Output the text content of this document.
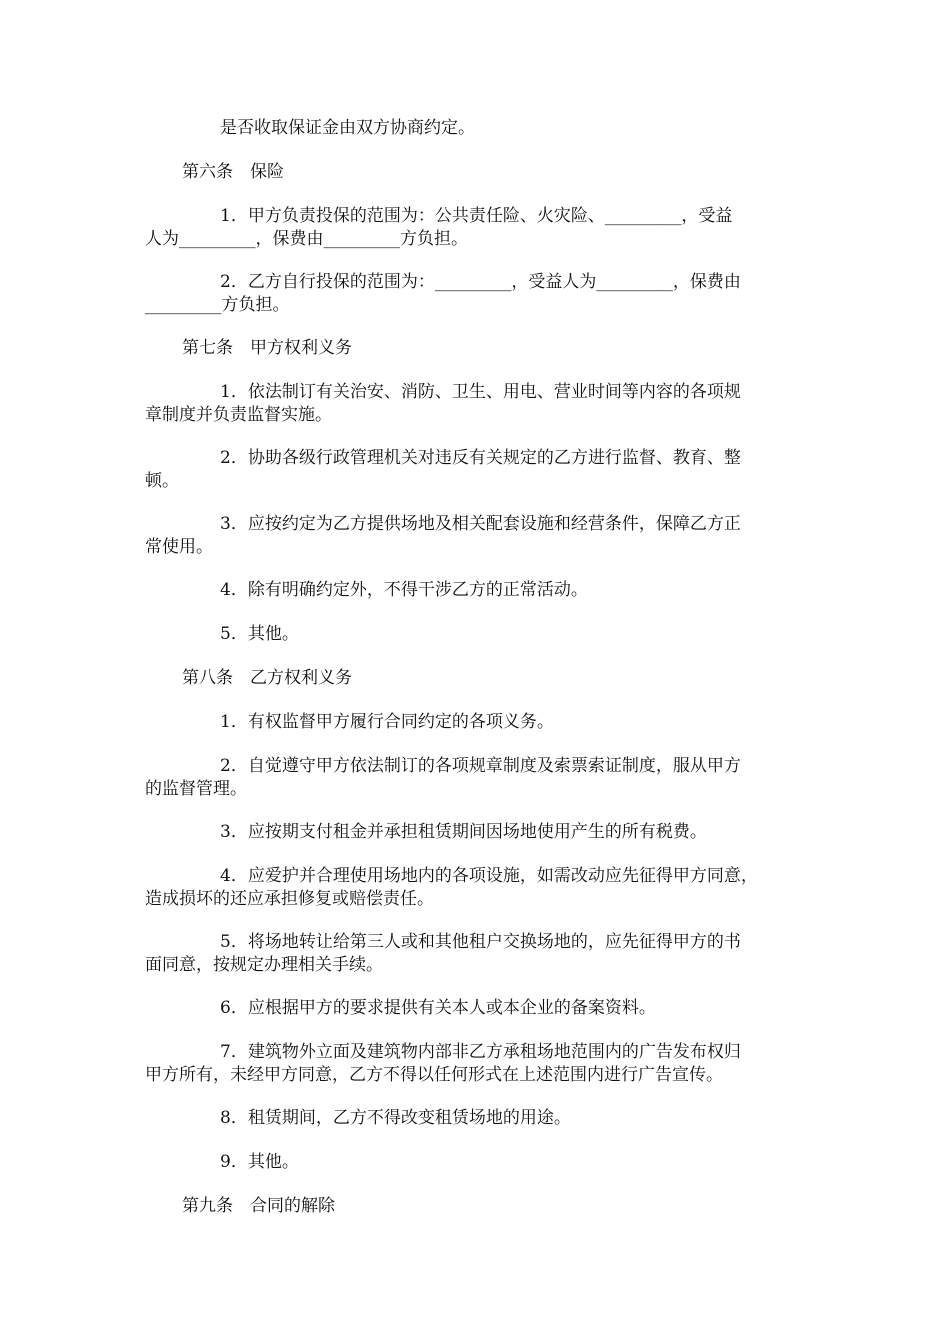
是否收取保证金由双方协商约定。
第六条　保险
1．甲方负责投保的范围为：公共责任险、火灾险、_________，受益
人为_________，保费由_________方负担。
2．乙方自行投保的范围为：_________，受益人为_________，保费由
_________方负担。
第七条　甲方权利义务
1．依法制订有关治安、消防、卫生、用电、营业时间等内容的各项规
章制度并负责监督实施。
2．协助各级行政管理机关对违反有关规定的乙方进行监督、教育、整
顿。
3．应按约定为乙方提供场地及相关配套设施和经营条件，保障乙方正
常使用。
4．除有明确约定外，不得干涉乙方的正常活动。
5．其他。
第八条　乙方权利义务
1．有权监督甲方履行合同约定的各项义务。
2．自觉遵守甲方依法制订的各项规章制度及索票索证制度，服从甲方
的监督管理。
3．应按期支付租金并承担租赁期间因场地使用产生的所有税费。
4．应爱护并合理使用场地内的各项设施，如需改动应先征得甲方同意，
造成损坏的还应承担修复或赔偿责任。
5．将场地转让给第三人或和其他租户交换场地的，应先征得甲方的书
面同意，按规定办理相关手续。
6．应根据甲方的要求提供有关本人或本企业的备案资料。
7．建筑物外立面及建筑物内部非乙方承租场地范围内的广告发布权归
甲方所有，未经甲方同意，乙方不得以任何形式在上述范围内进行广告宣传。
8．租赁期间，乙方不得改变租赁场地的用途。
9．其他。
第九条　合同的解除
